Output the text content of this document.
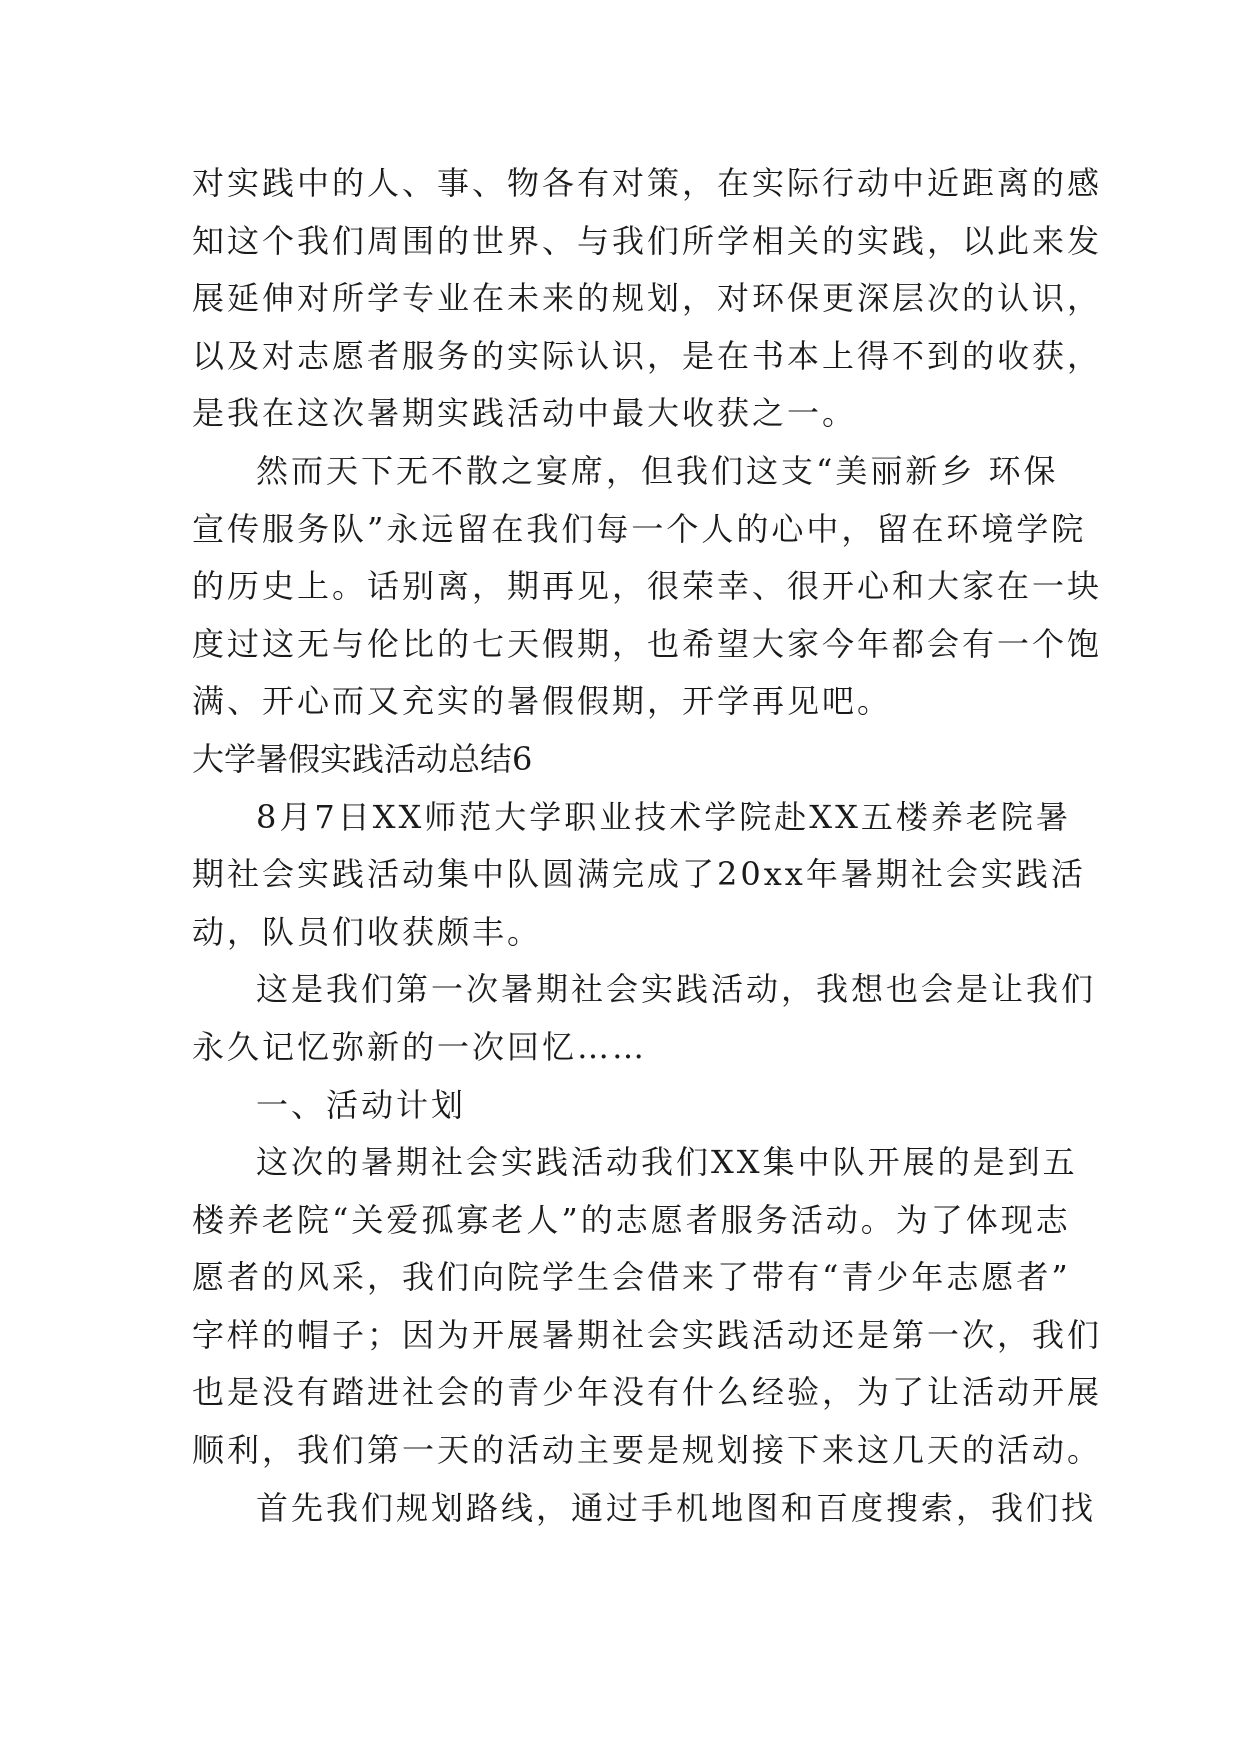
对实践中的人、事、物各有对策，在实际行动中近距离的感
知这个我们周围的世界、与我们所学相关的实践，以此来发
展延伸对所学专业在未来的规划，对环保更深层次的认识，
以及对志愿者服务的实际认识，是在书本上得不到的收获，
是我在这次暑期实践活动中最大收获之一。
然而天下无不散之宴席，但我们这支“美丽新乡 环保
宣传服务队”永远留在我们每一个人的心中，留在环境学院
的历史上。话别离，期再见，很荣幸、很开心和大家在一块
度过这无与伦比的七天假期，也希望大家今年都会有一个饱
满、开心而又充实的暑假假期，开学再见吧。
大学暑假实践活动总结6
8月7日XX师范大学职业技术学院赴XX五楼养老院暑
期社会实践活动集中队圆满完成了20xx年暑期社会实践活
动，队员们收获颇丰。
这是我们第一次暑期社会实践活动，我想也会是让我们
永久记忆弥新的一次回忆……
一、活动计划
这次的暑期社会实践活动我们XX集中队开展的是到五
楼养老院“关爱孤寡老人”的志愿者服务活动。为了体现志
愿者的风采，我们向院学生会借来了带有“青少年志愿者”
字样的帽子；因为开展暑期社会实践活动还是第一次，我们
也是没有踏进社会的青少年没有什么经验，为了让活动开展
顺利，我们第一天的活动主要是规划接下来这几天的活动。
首先我们规划路线，通过手机地图和百度搜索，我们找
